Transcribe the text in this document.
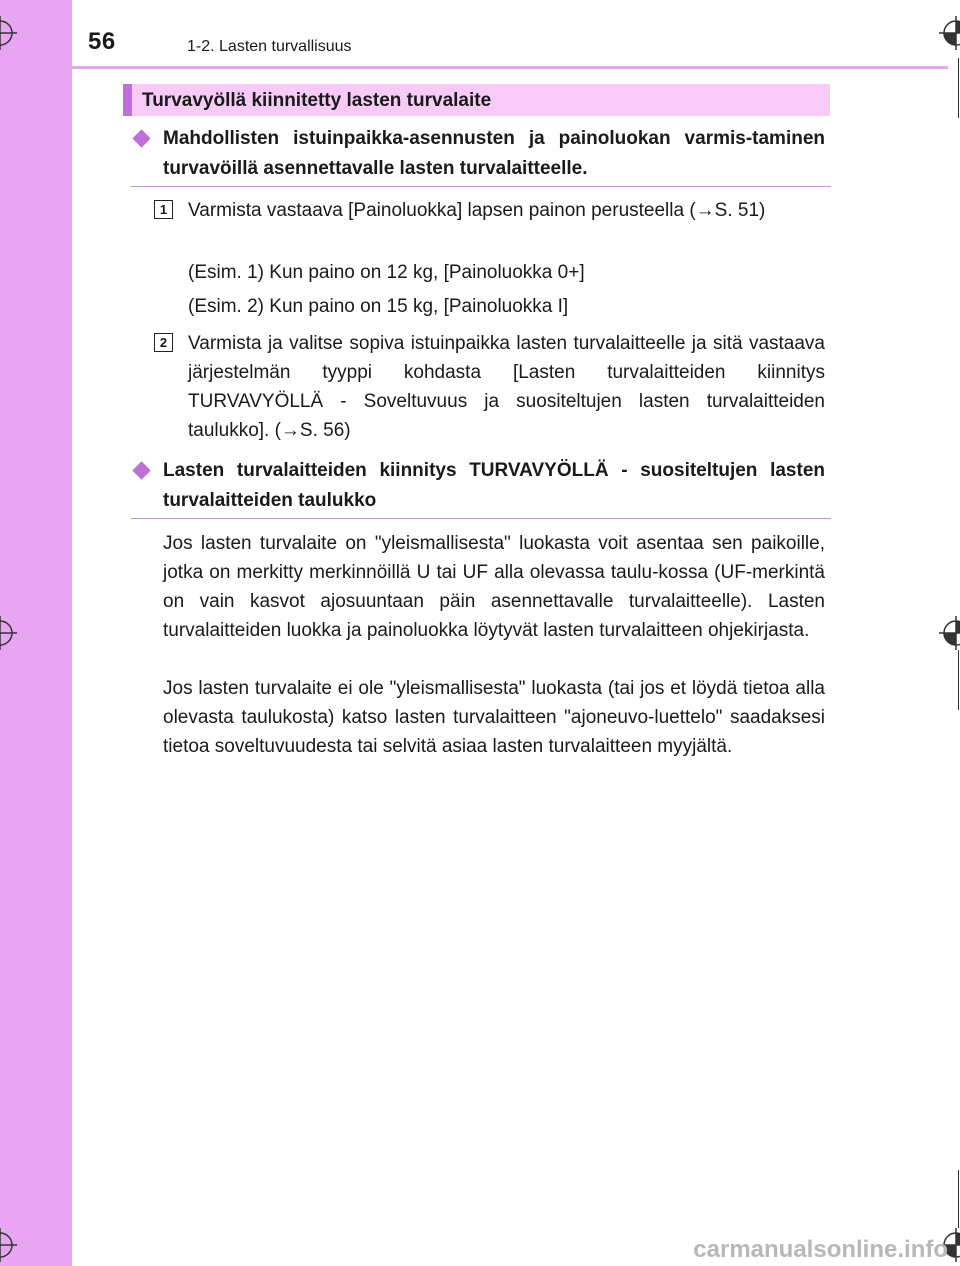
56	1-2. Lasten turvallisuus
Turvavyöllä kiinnitetty lasten turvalaite
Mahdollisten istuinpaikka-asennusten ja painoluokan varmis-taminen turvavöillä asennettavalle lasten turvalaitteelle.
1	Varmista vastaava [Painoluokka] lapsen painon perusteella (→S. 51)
(Esim. 1) Kun paino on 12 kg, [Painoluokka 0+]
(Esim. 2) Kun paino on 15 kg, [Painoluokka I]
2	Varmista ja valitse sopiva istuinpaikka lasten turvalaitteelle ja sitä vastaava järjestelmän tyyppi kohdasta [Lasten turvalaitteiden kiinnitys TURVAVYÖLLÄ - Soveltuvuus ja suositeltujen lasten turvalaitteiden taulukko]. (→S. 56)
Lasten turvalaitteiden kiinnitys TURVAVYÖLLÄ - suositeltujen lasten turvalaitteiden taulukko
Jos lasten turvalaite on "yleismallisesta" luokasta voit asentaa sen paikoille, jotka on merkitty merkinnöillä U tai UF alla olevassa taulu-kossa (UF-merkintä on vain kasvot ajosuuntaan päin asennettavalle turvalaitteelle). Lasten turvalaitteiden luokka ja painoluokka löytyvät lasten turvalaitteen ohjekirjasta.
Jos lasten turvalaite ei ole "yleismallisesta" luokasta (tai jos et löydä tietoa alla olevasta taulukosta) katso lasten turvalaitteen "ajoneuvo-luettelo" saadaksesi tietoa soveltuvuudesta tai selvitä asiaa lasten turvalaitteen myyjältä.
carmanualsonline.info
